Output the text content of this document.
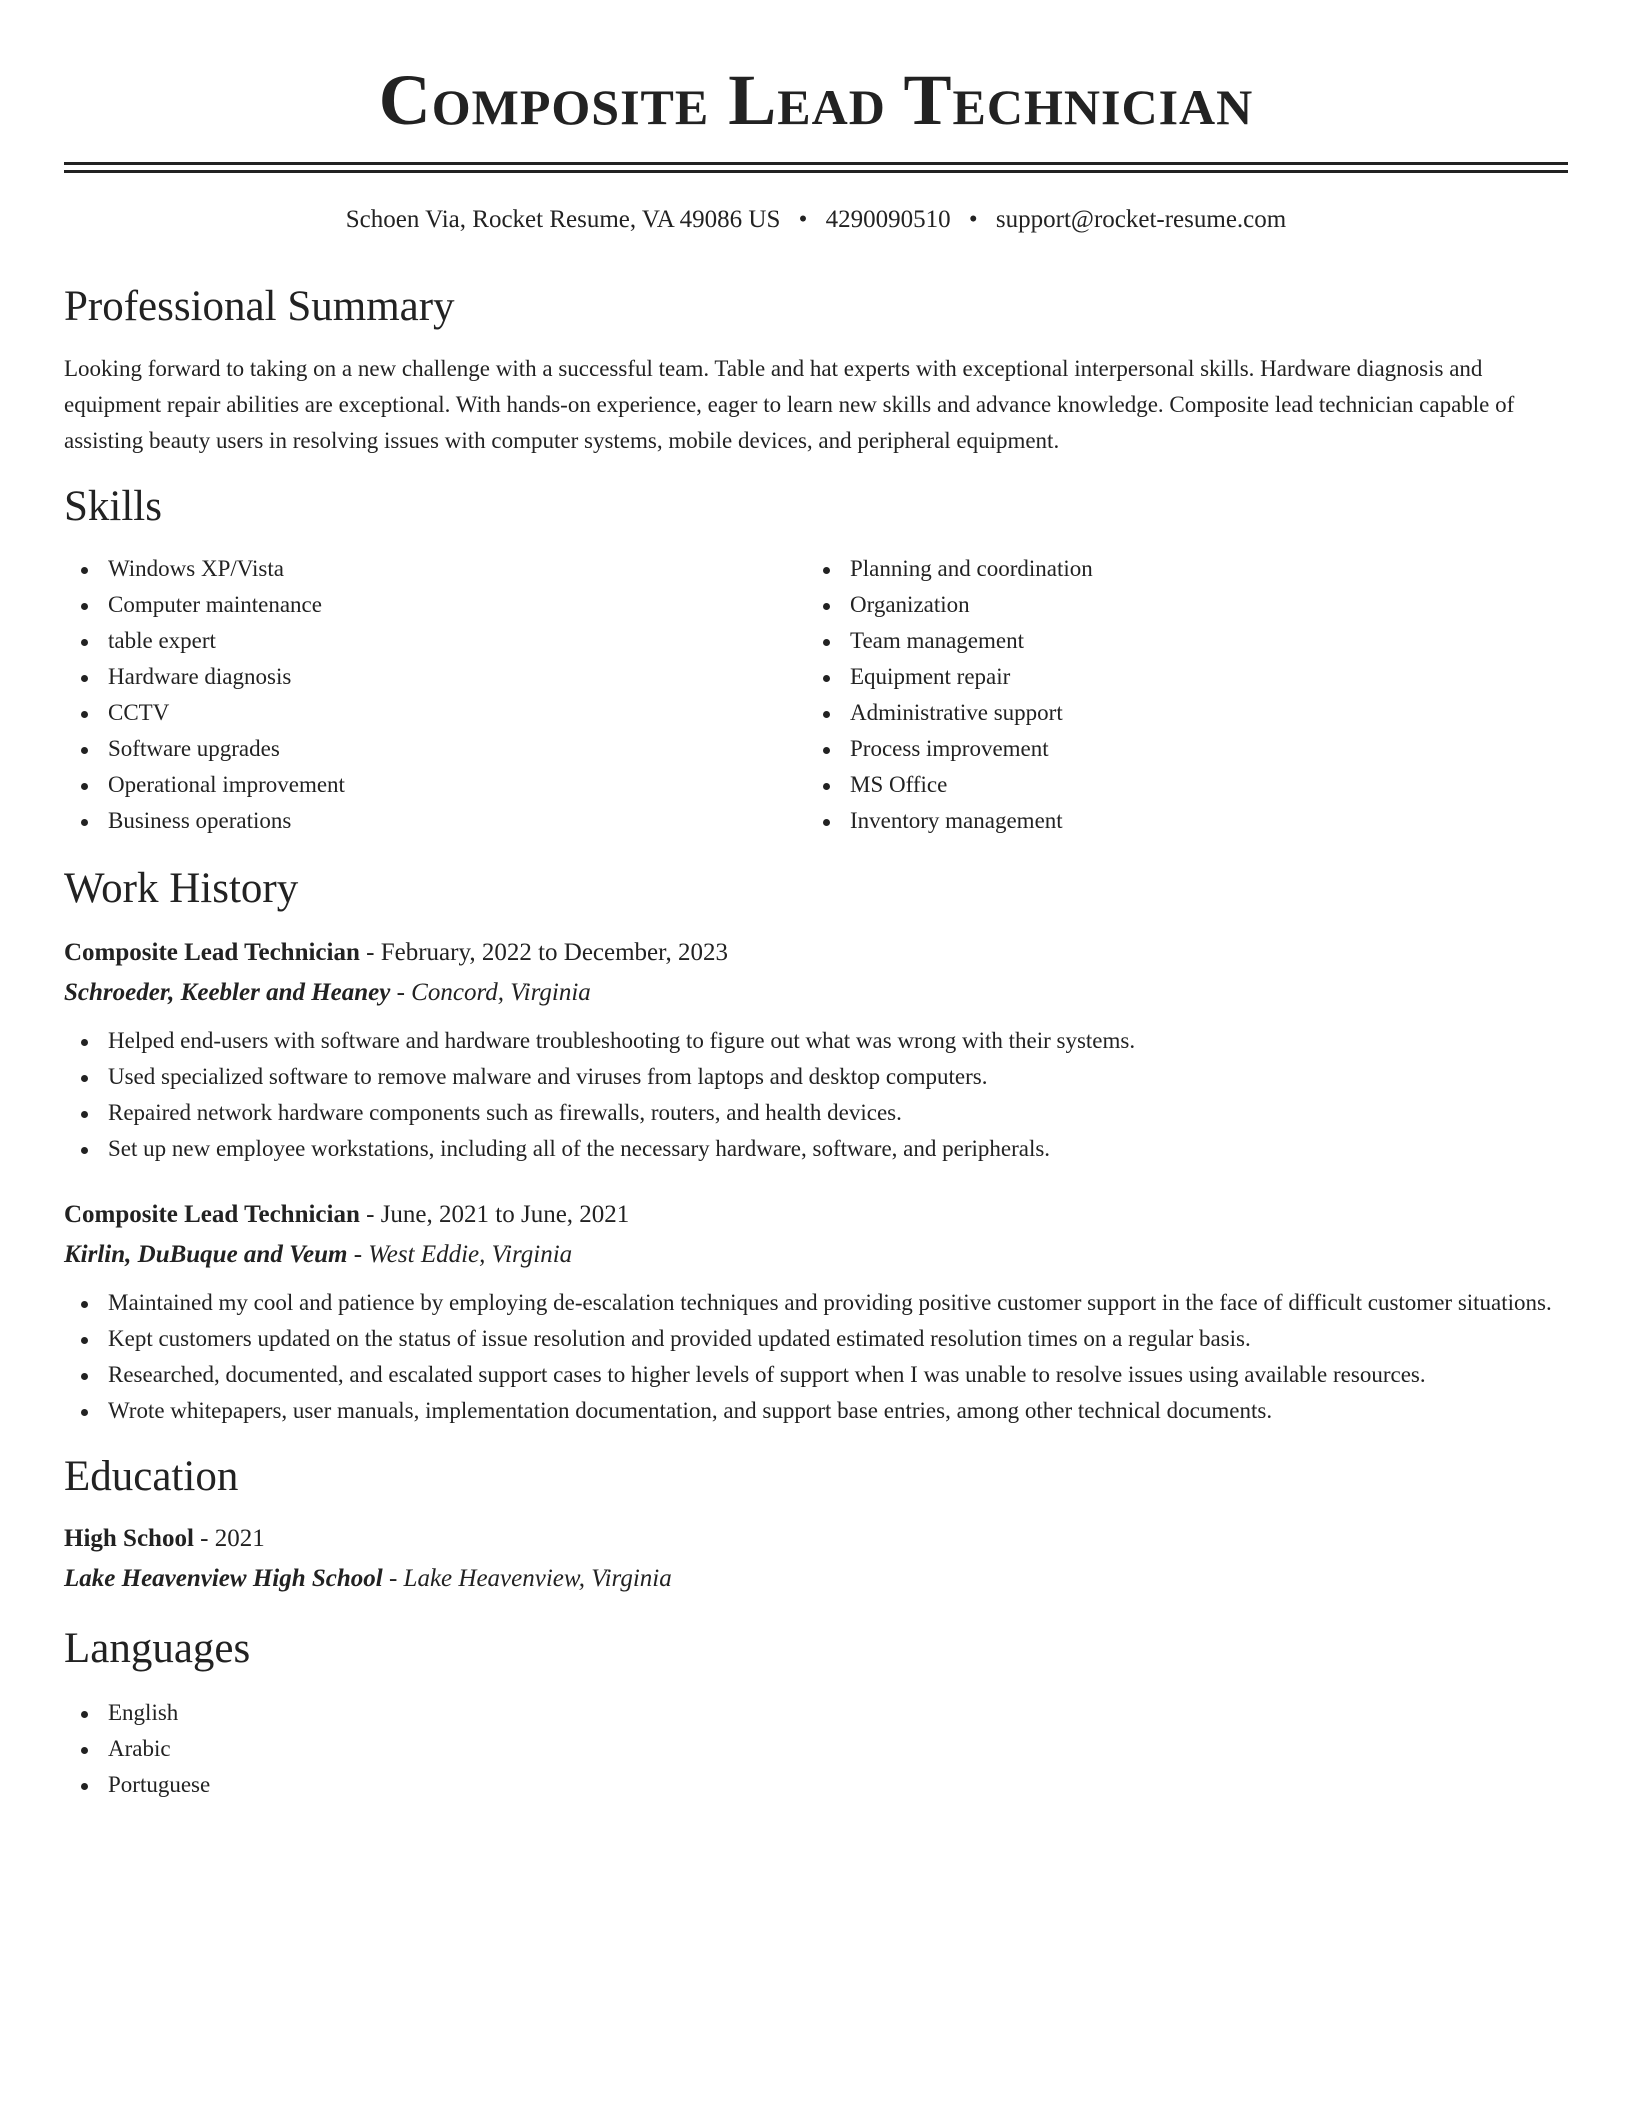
Composite Lead Technician
Schoen Via, Rocket Resume, VA 49086 US • 4290090510 • support@rocket-resume.com
Professional Summary

Looking forward to taking on a new challenge with a successful team. Table and hat experts with exceptional interpersonal skills. Hardware diagnosis and equipment repair abilities are exceptional. With hands-on experience, eager to learn new skills and advance knowledge. Composite lead technician capable of assisting beauty users in resolving issues with computer systems, mobile devices, and peripheral equipment.

Skills
Windows XP/Vista
Computer maintenance
table expert
Hardware diagnosis
CCTV
Software upgrades
Operational improvement
Business operations
Planning and coordination
Organization
Team management
Equipment repair
Administrative support
Process improvement
MS Office
Inventory management
Work History
Composite Lead Technician - February, 2022 to December, 2023
Schroeder, Keebler and Heaney - Concord, Virginia
Helped end-users with software and hardware troubleshooting to figure out what was wrong with their systems.
Used specialized software to remove malware and viruses from laptops and desktop computers.
Repaired network hardware components such as firewalls, routers, and health devices.
Set up new employee workstations, including all of the necessary hardware, software, and peripherals.
Composite Lead Technician - June, 2021 to June, 2021
Kirlin, DuBuque and Veum - West Eddie, Virginia
Maintained my cool and patience by employing de-escalation techniques and providing positive customer support in the face of difficult customer situations.
Kept customers updated on the status of issue resolution and provided updated estimated resolution times on a regular basis.
Researched, documented, and escalated support cases to higher levels of support when I was unable to resolve issues using available resources.
Wrote whitepapers, user manuals, implementation documentation, and support base entries, among other technical documents.
Education
High School - 2021
Lake Heavenview High School - Lake Heavenview, Virginia
Languages
English
Arabic
Portuguese
